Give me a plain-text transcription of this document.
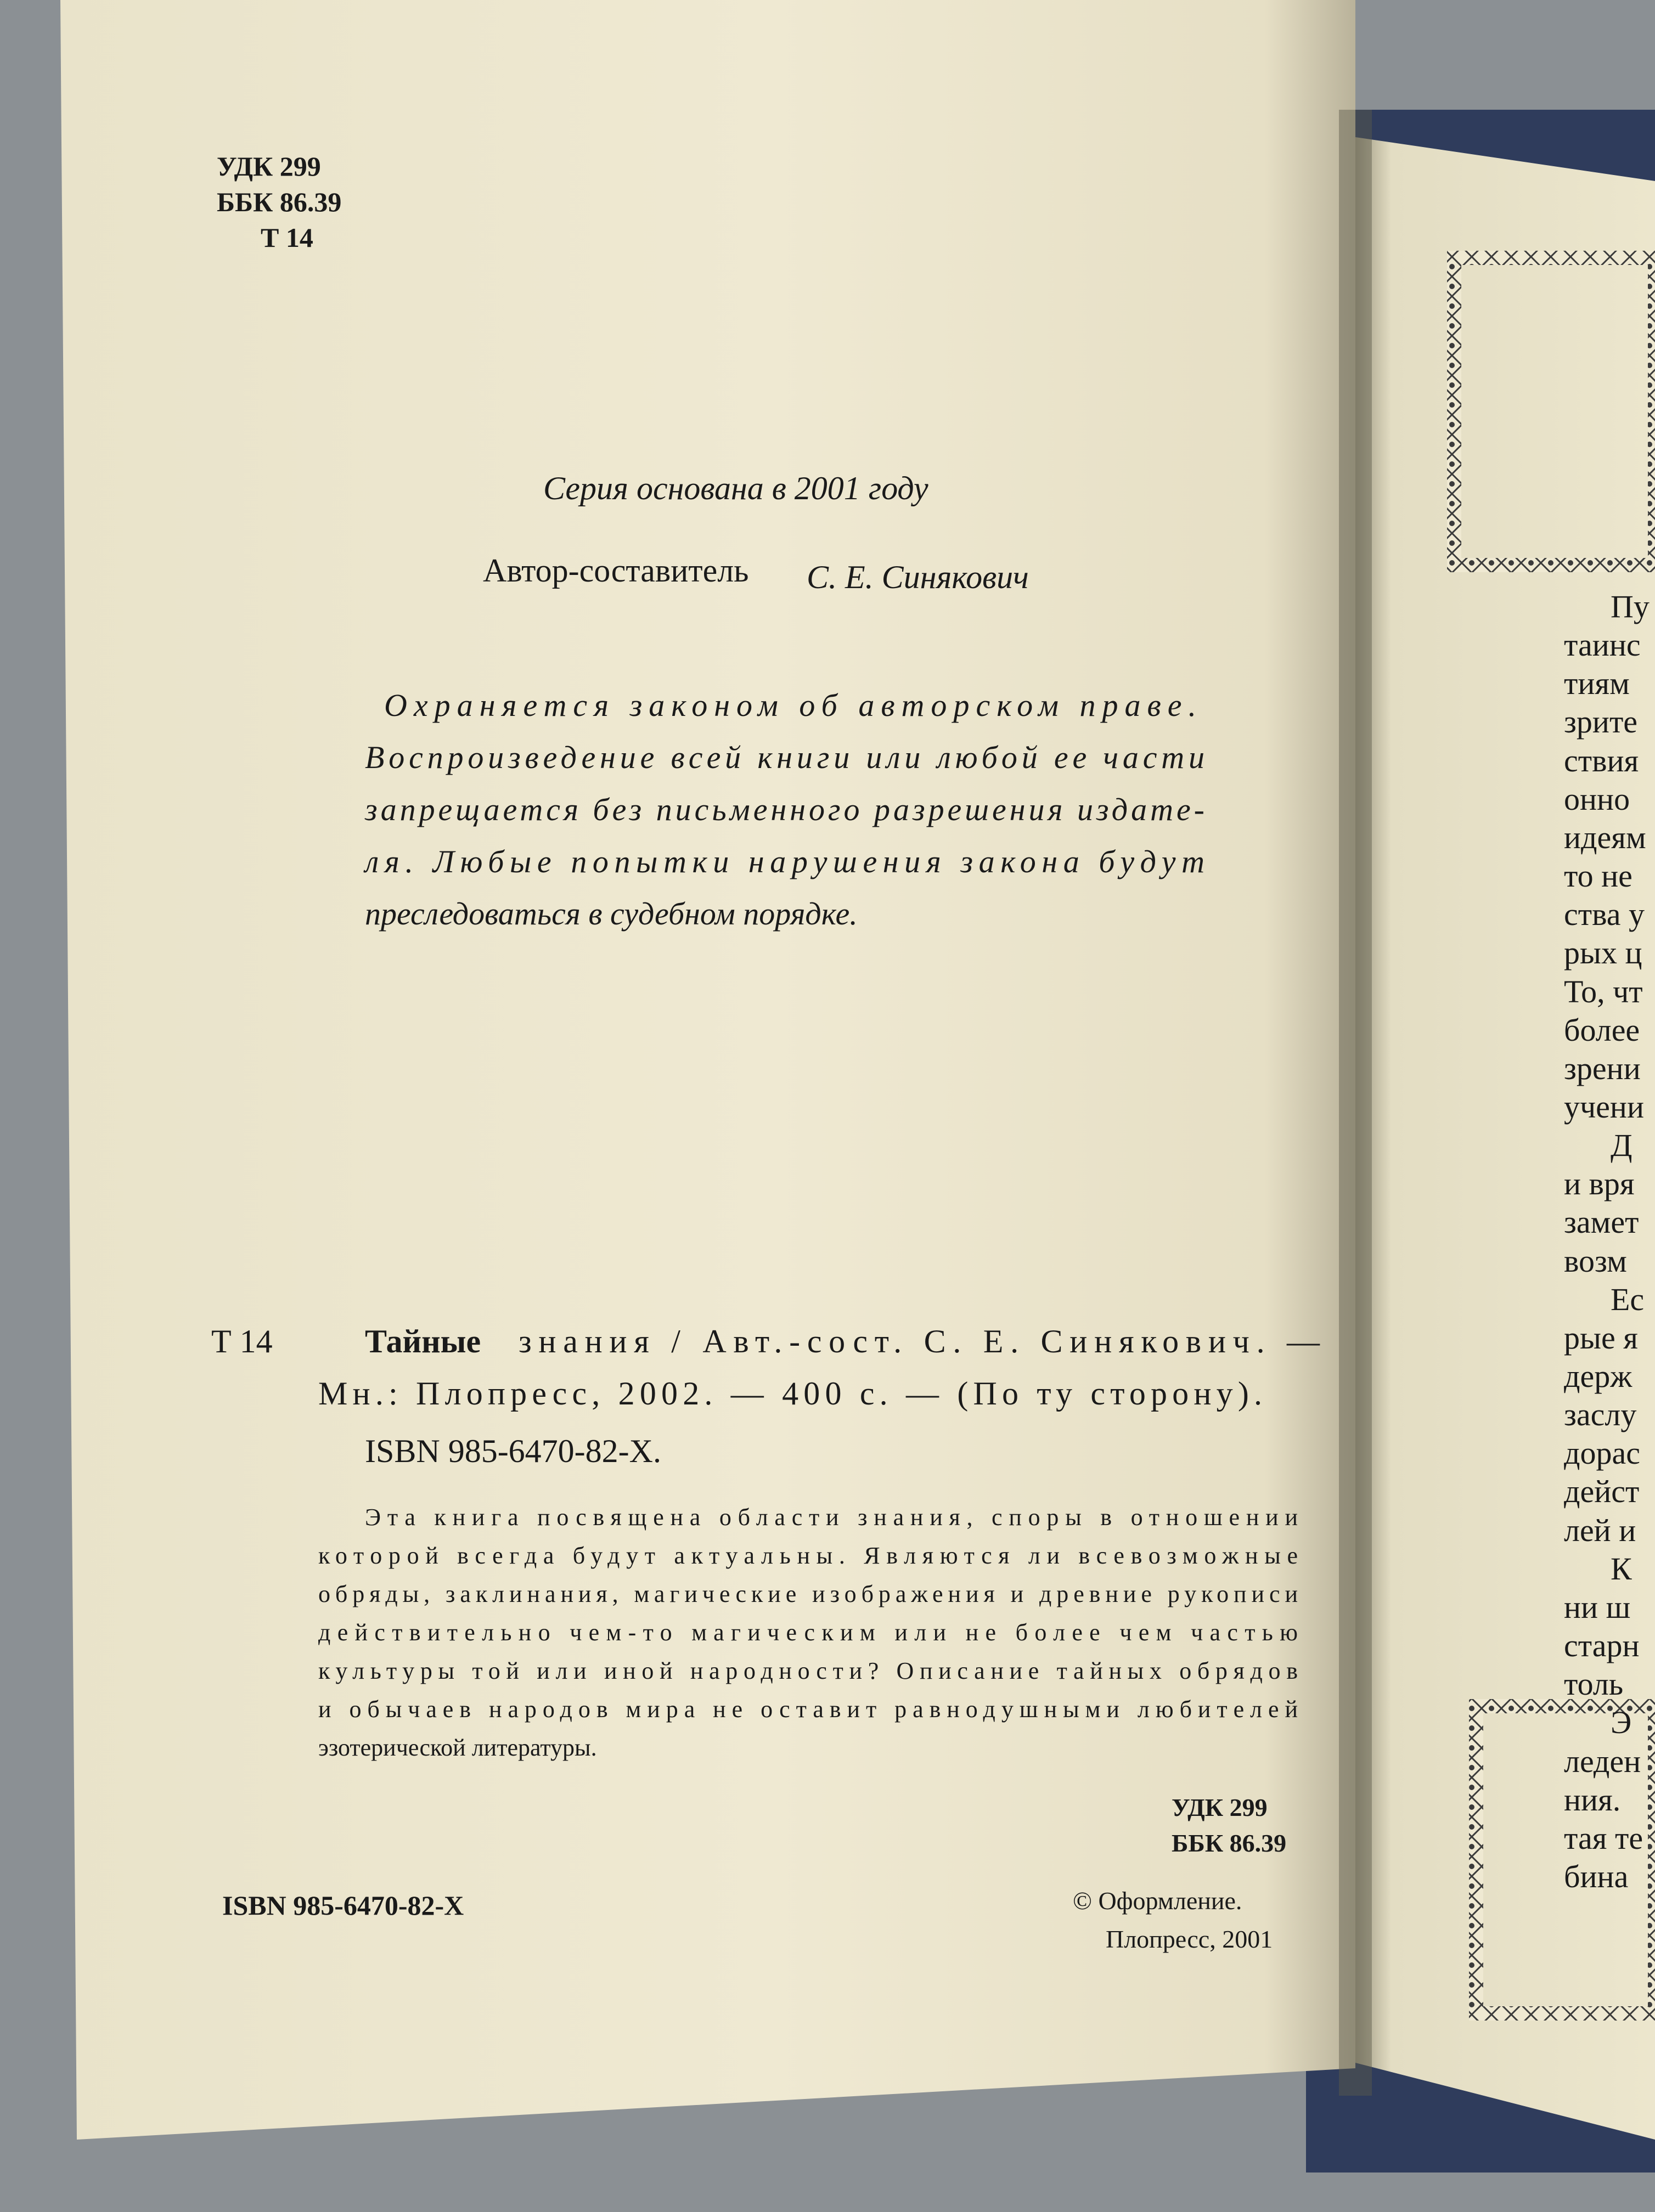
УДК 299
ББК 86.39
Т 14
Серия основана в 2001 году
Автор-составитель С. Е. Синякович
Охраняется законом об авторском праве.
Воспроизведение всей книги или любой ее части
запрещается без письменного разрешения издате-
ля. Любые попытки нарушения закона будут
преследоваться в судебном порядке.
Т 14	Тайные знания / Авт.-сост. С. Е. Синякович. —
Мн.: Плопресс, 2002. — 400 с. — (По ту сторону).
ISBN 985-6470-82-Х.
Эта книга посвящена области знания, споры в отношении
которой всегда будут актуальны. Являются ли всевозможные
обряды, заклинания, магические изображения и древние рукописи
действительно чем-то магическим или не более чем частью
культуры той или иной народности? Описание тайных обрядов
и обычаев народов мира не оставит равнодушными любителей
эзотерической литературы.
УДК 299
ББК 86.39
ISBN 985-6470-82-Х	© Оформление.
Плопресс, 2001
Пу
таинс
тиям
зрите
ствия
онно
идеям
то не
ства у
рых ц
То, чт
более
зрени
учени
Д
и вря
замет
возм
Ес
рые я
держ
заслу
дорас
дейст
лей и
К
ни ш
старн
толь
Э
леден
ния.
тая те
бина
